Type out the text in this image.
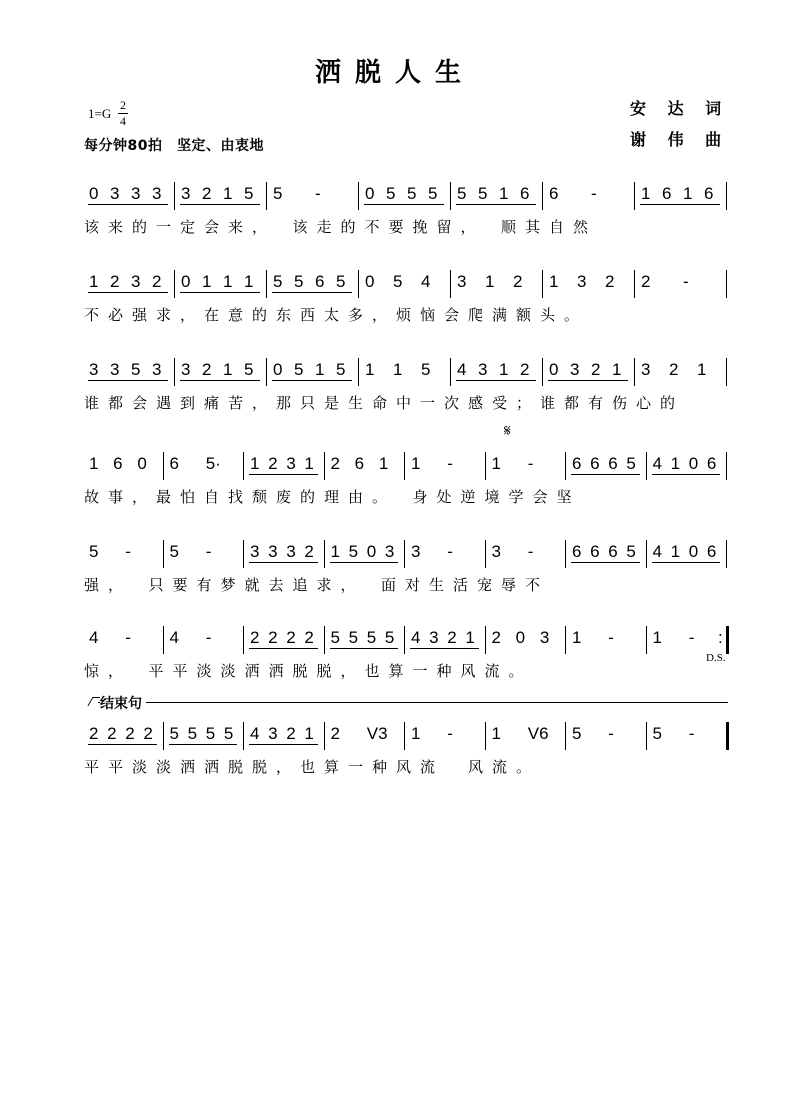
洒脱人生
1=G
2
4
每分钟80拍　坚定、由衷地
安 达 词
谢 伟 曲
0 3 3 3 3 2 1 5 5 -	0 5 5 5 5 5 1 6 6 -	1 6 1 6
该来的一定会来，　该走的不要挽留，　顺其自然
1 2 3 2 0 1 1 1 5 5 6 5 0 5 4 3 1 2 1 3 2 2 -
不必强求，在意的东西太多，烦恼会爬满额头。
3 3 5 3 3 2 1 5 0 5 1 5 1 1 5 4 3 1 2 0 3 2 1 3 2 1
谁都会遇到痛苦，那只是生命中一次感受；谁都有伤心的
1 6 0 6 5· 1 2 3 1 2 6 1 1 - 1 - 6 6 6 5 4 1 0 6
故事，最怕自找颓废的理由。　身处逆境学会坚
5 - 5 - 3 3 3 2 1 5 0 3 3 - 3 - 6 6 6 5 4 1 0 6
强，　只要有梦就去追求，　面对生活宠辱不
4 - 4 - 2 2 2 2 5 5 5 5 4 3 2 1 2 0 3 1 - 1 - :
惊，　平平淡淡洒洒脱脱，也算一种风流。
2 2 2 2 5 5 5 5 4 3 2 1 2 V3 1 - 1 V6 5 - 5 -
平平淡淡洒洒脱脱，也算一种风流　风流。
𝄋
D.S.
结束句
